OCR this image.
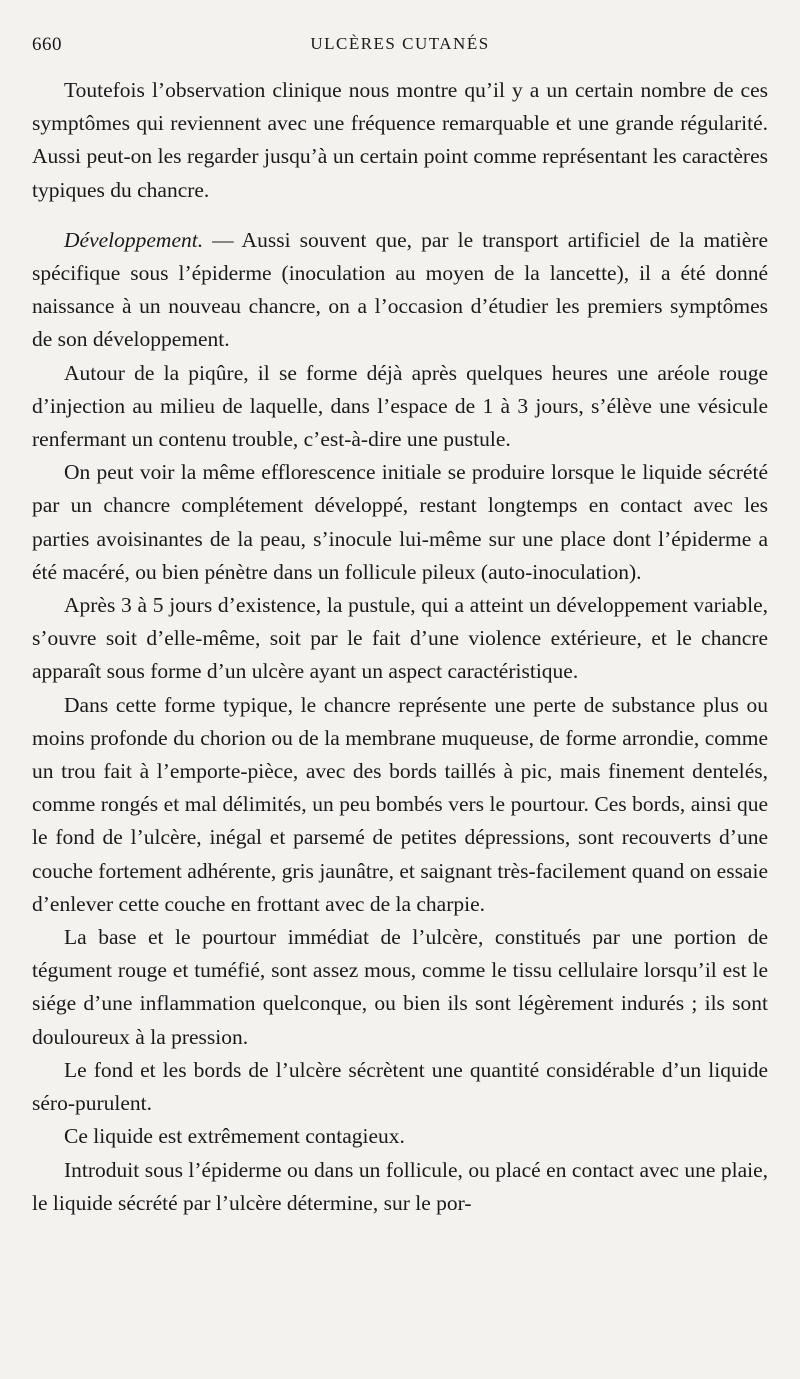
660	ULCÈRES CUTANÉS

Toutefois l’observation clinique nous montre qu’il y a un certain nombre de ces symptômes qui reviennent avec une fréquence remarquable et une grande régularité. Aussi peut-on les regarder jusqu’à un certain point comme représentant les caractères typiques du chancre.

Développement. — Aussi souvent que, par le transport artificiel de la matière spécifique sous l’épiderme (inoculation au moyen de la lancette), il a été donné naissance à un nouveau chancre, on a l’occasion d’étudier les premiers symptômes de son développement.

Autour de la piqûre, il se forme déjà après quelques heures une aréole rouge d’injection au milieu de laquelle, dans l’espace de 1 à 3 jours, s’élève une vésicule renfermant un contenu trouble, c’est-à-dire une pustule.

On peut voir la même efflorescence initiale se produire lorsque le liquide sécrété par un chancre complétement développé, restant longtemps en contact avec les parties avoisinantes de la peau, s’inocule lui-même sur une place dont l’épiderme a été macéré, ou bien pénètre dans un follicule pileux (auto-inoculation).

Après 3 à 5 jours d’existence, la pustule, qui a atteint un développement variable, s’ouvre soit d’elle-même, soit par le fait d’une violence extérieure, et le chancre apparaît sous forme d’un ulcère ayant un aspect caractéristique.

Dans cette forme typique, le chancre représente une perte de substance plus ou moins profonde du chorion ou de la membrane muqueuse, de forme arrondie, comme un trou fait à l’emporte-pièce, avec des bords taillés à pic, mais finement dentelés, comme rongés et mal délimités, un peu bombés vers le pourtour. Ces bords, ainsi que le fond de l’ulcère, inégal et parsemé de petites dépressions, sont recouverts d’une couche fortement adhérente, gris jaunâtre, et saignant très-facilement quand on essaie d’enlever cette couche en frottant avec de la charpie.

La base et le pourtour immédiat de l’ulcère, constitués par une portion de tégument rouge et tuméfié, sont assez mous, comme le tissu cellulaire lorsqu’il est le siége d’une inflammation quelconque, ou bien ils sont légèrement indurés ; ils sont douloureux à la pression.

Le fond et les bords de l’ulcère sécrètent une quantité considérable d’un liquide séro-purulent.

Ce liquide est extrêmement contagieux.

Introduit sous l’épiderme ou dans un follicule, ou placé en contact avec une plaie, le liquide sécrété par l’ulcère détermine, sur le por-
